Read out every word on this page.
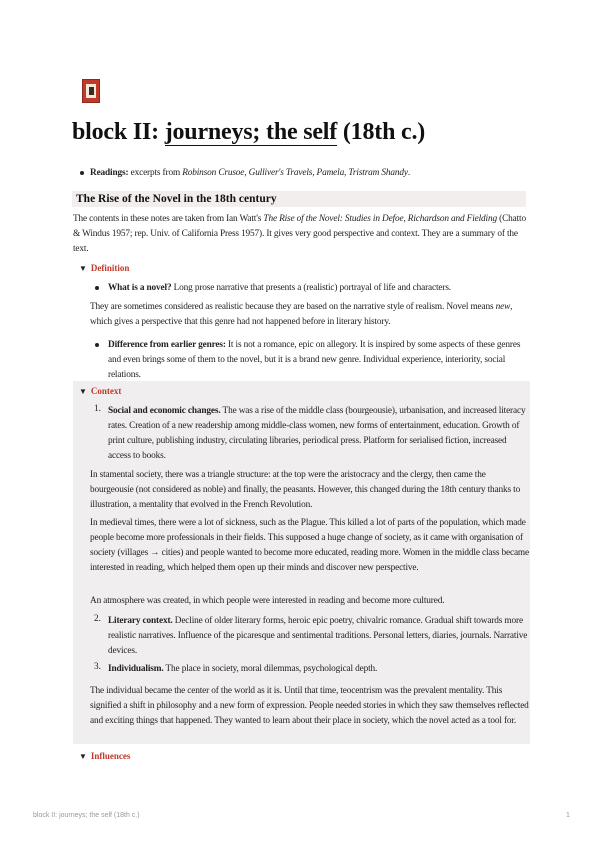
block II: journeys; the self (18th c.)
Readings: excerpts from Robinson Crusoe, Gulliver's Travels, Pamela, Tristram Shandy.
The Rise of the Novel in the 18th century
The contents in these notes are taken from Ian Watt's The Rise of the Novel: Studies in Defoe, Richardson and Fielding (Chatto & Windus 1957; rep. Univ. of California Press 1957). It gives very good perspective and context. They are a summary of the text.
▼ Definition
What is a novel? Long prose narrative that presents a (realistic) portrayal of life and characters.
They are sometimes considered as realistic because they are based on the narrative style of realism. Novel means new, which gives a perspective that this genre had not happened before in literary history.
Difference from earlier genres: It is not a romance, epic on allegory. It is inspired by some aspects of these genres and even brings some of them to the novel, but it is a brand new genre. Individual experience, interiority, social relations.
▼ Context
1. Social and economic changes. The was a rise of the middle class (bourgeousie), urbanisation, and increased literacy rates. Creation of a new readership among middle-class women, new forms of entertainment, education. Growth of print culture, publishing industry, circulating libraries, periodical press. Platform for serialised fiction, increased access to books.
In stamental society, there was a triangle structure: at the top were the aristocracy and the clergy, then came the bourgeousie (not considered as noble) and finally, the peasants. However, this changed during the 18th century thanks to illustration, a mentality that evolved in the French Revolution.
In medieval times, there were a lot of sickness, such as the Plague. This killed a lot of parts of the population, which made people become more professionals in their fields. This supposed a huge change of society, as it came with organisation of society (villages → cities) and people wanted to become more educated, reading more. Women in the middle class became interested in reading, which helped them open up their minds and discover new perspective.
An atmosphere was created, in which people were interested in reading and become more cultured.
2. Literary context. Decline of older literary forms, heroic epic poetry, chivalric romance. Gradual shift towards more realistic narratives. Influence of the picaresque and sentimental traditions. Personal letters, diaries, journals. Narrative devices.
3. Individualism. The place in society, moral dilemmas, psychological depth.
The individual became the center of the world as it is. Until that time, teocentrism was the prevalent mentality. This signified a shift in philosophy and a new form of expression. People needed stories in which they saw themselves reflected and exciting things that happened. They wanted to learn about their place in society, which the novel acted as a tool for.
▼ Influences
block II: journeys; the self (18th c.)	1
